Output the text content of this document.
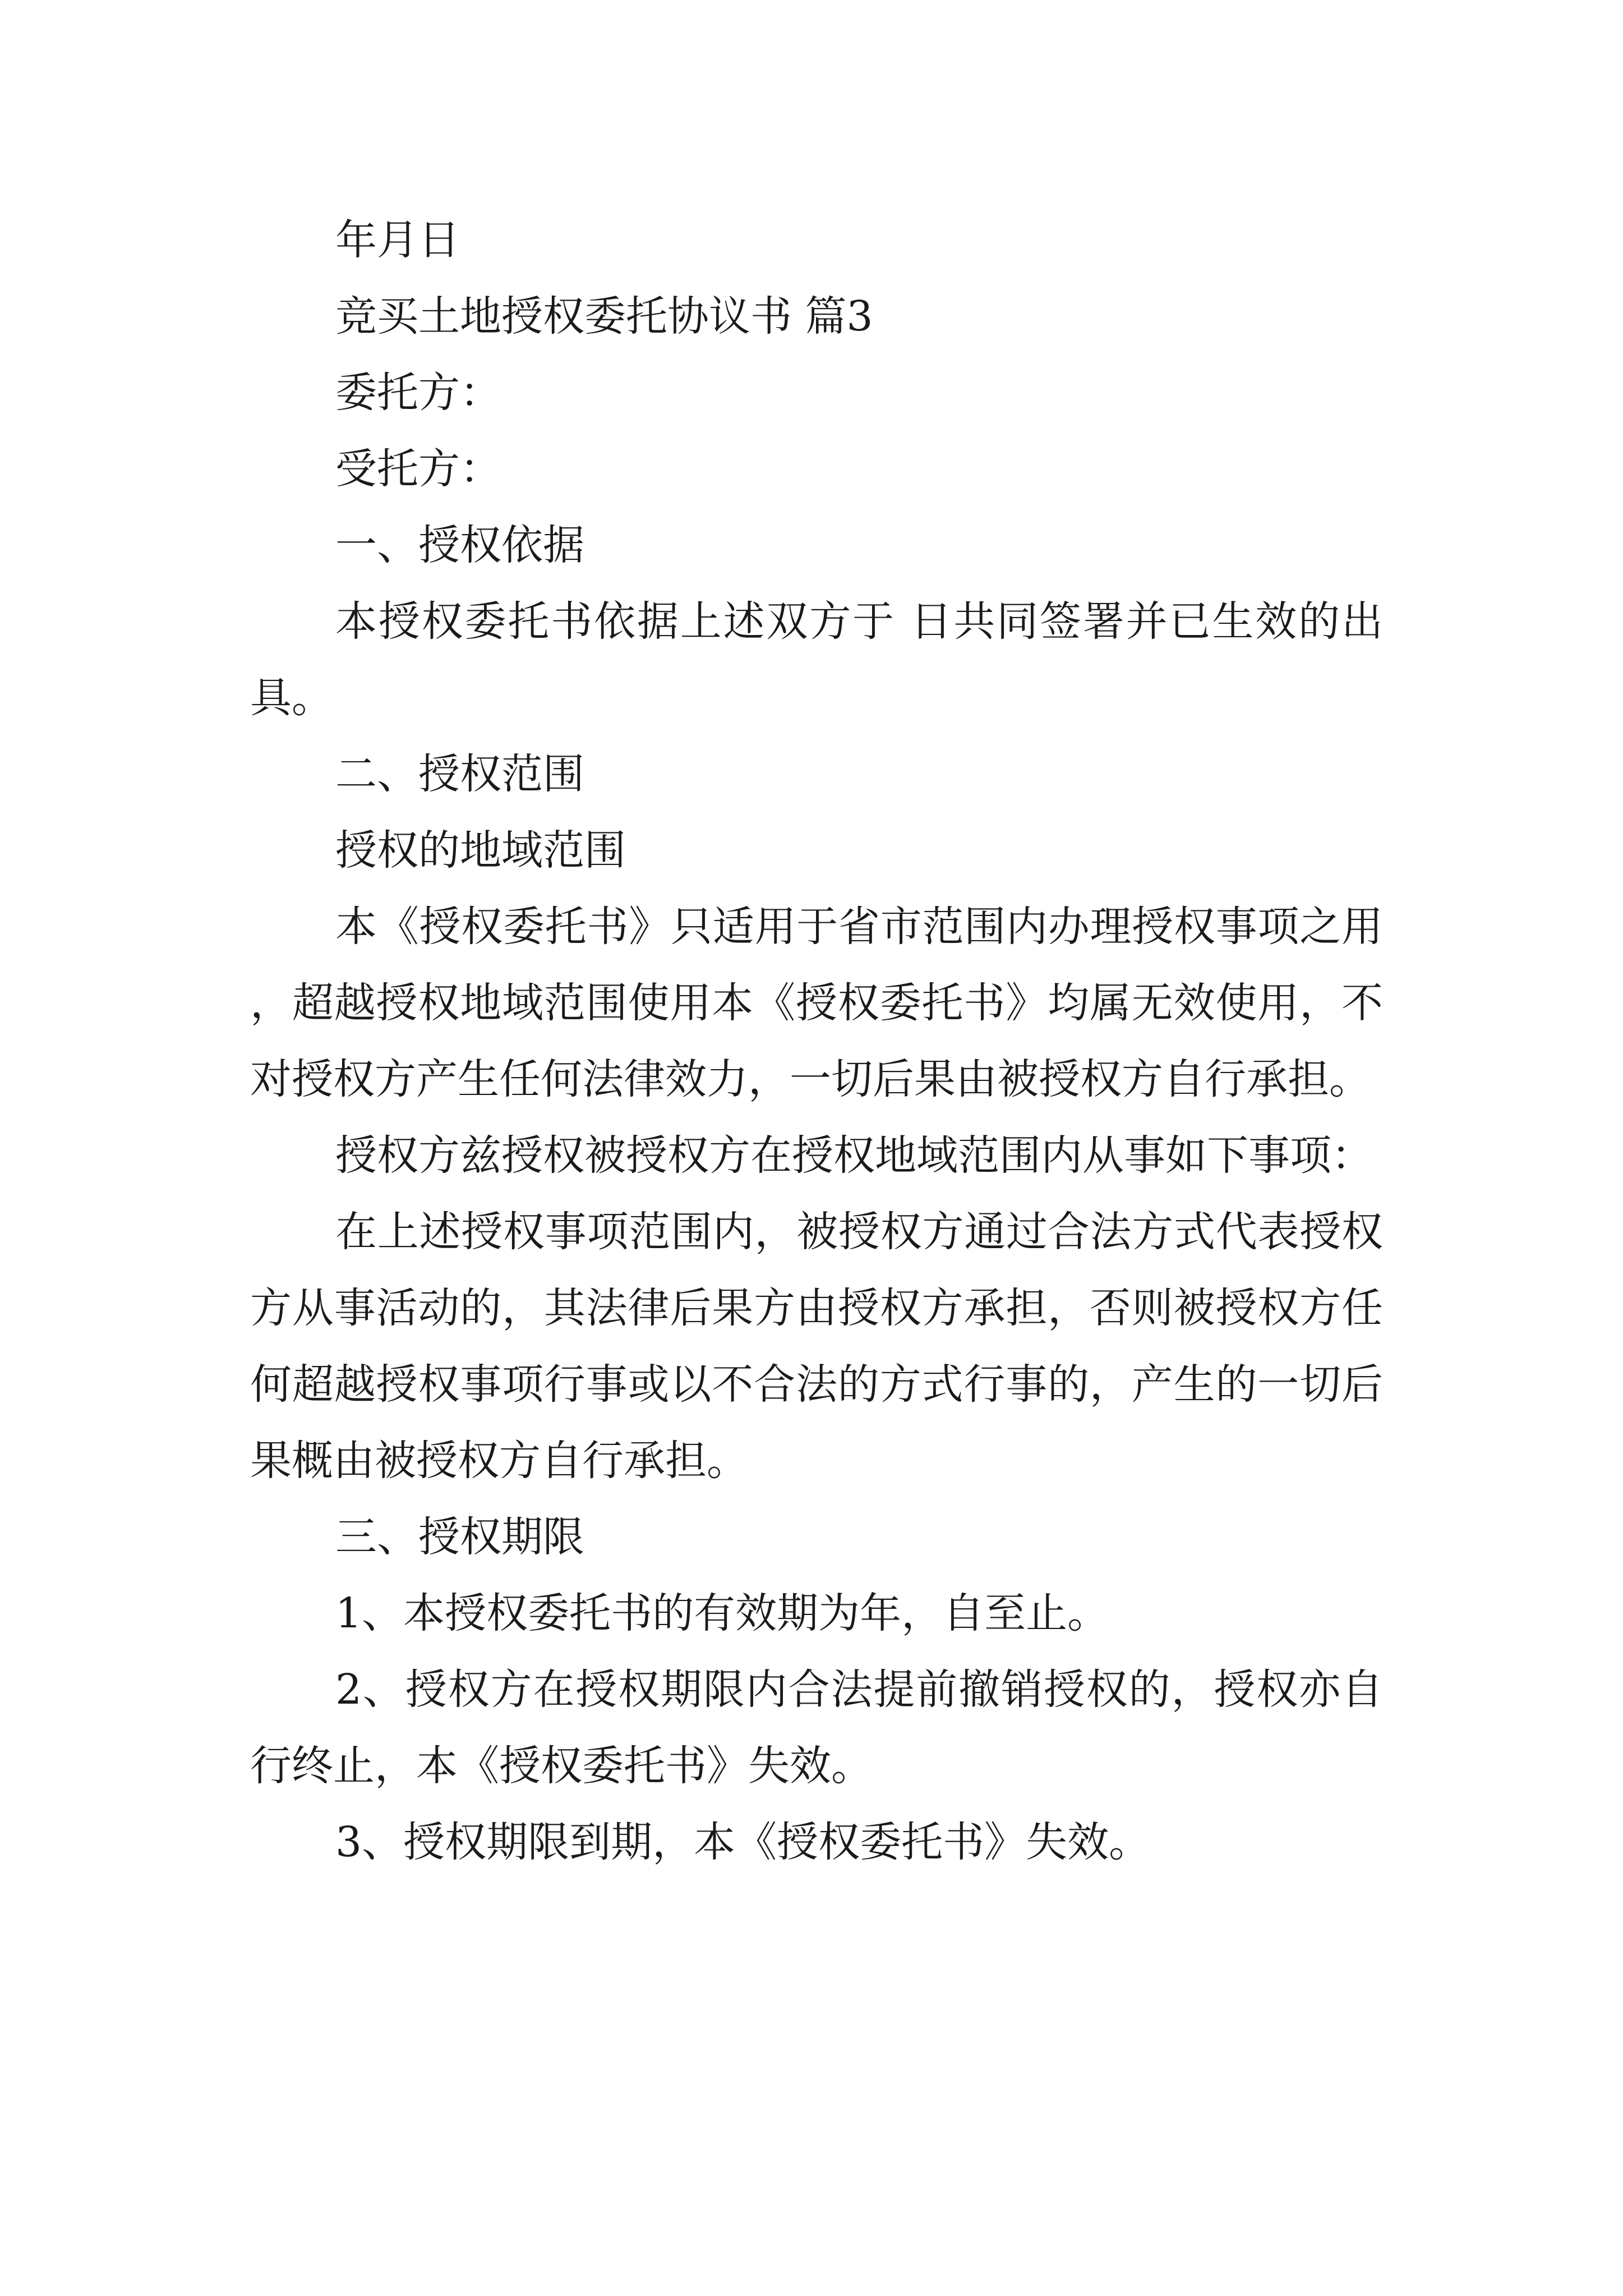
年月日

竞买土地授权委托协议书 篇3

委托方：

受托方：

一、授权依据

本授权委托书依据上述双方于 日共同签署并已生效的出具。

二、授权范围

授权的地域范围

本《授权委托书》只适用于省市范围内办理授权事项之用，超越授权地域范围使用本《授权委托书》均属无效使用，不对授权方产生任何法律效力，一切后果由被授权方自行承担。

授权方兹授权被授权方在授权地域范围内从事如下事项：

在上述授权事项范围内，被授权方通过合法方式代表授权方从事活动的，其法律后果方由授权方承担，否则被授权方任何超越授权事项行事或以不合法的方式行事的，产生的一切后果概由被授权方自行承担。

三、授权期限

1、本授权委托书的有效期为年，自至止。

2、授权方在授权期限内合法提前撤销授权的，授权亦自行终止，本《授权委托书》失效。

3、授权期限到期，本《授权委托书》失效。
